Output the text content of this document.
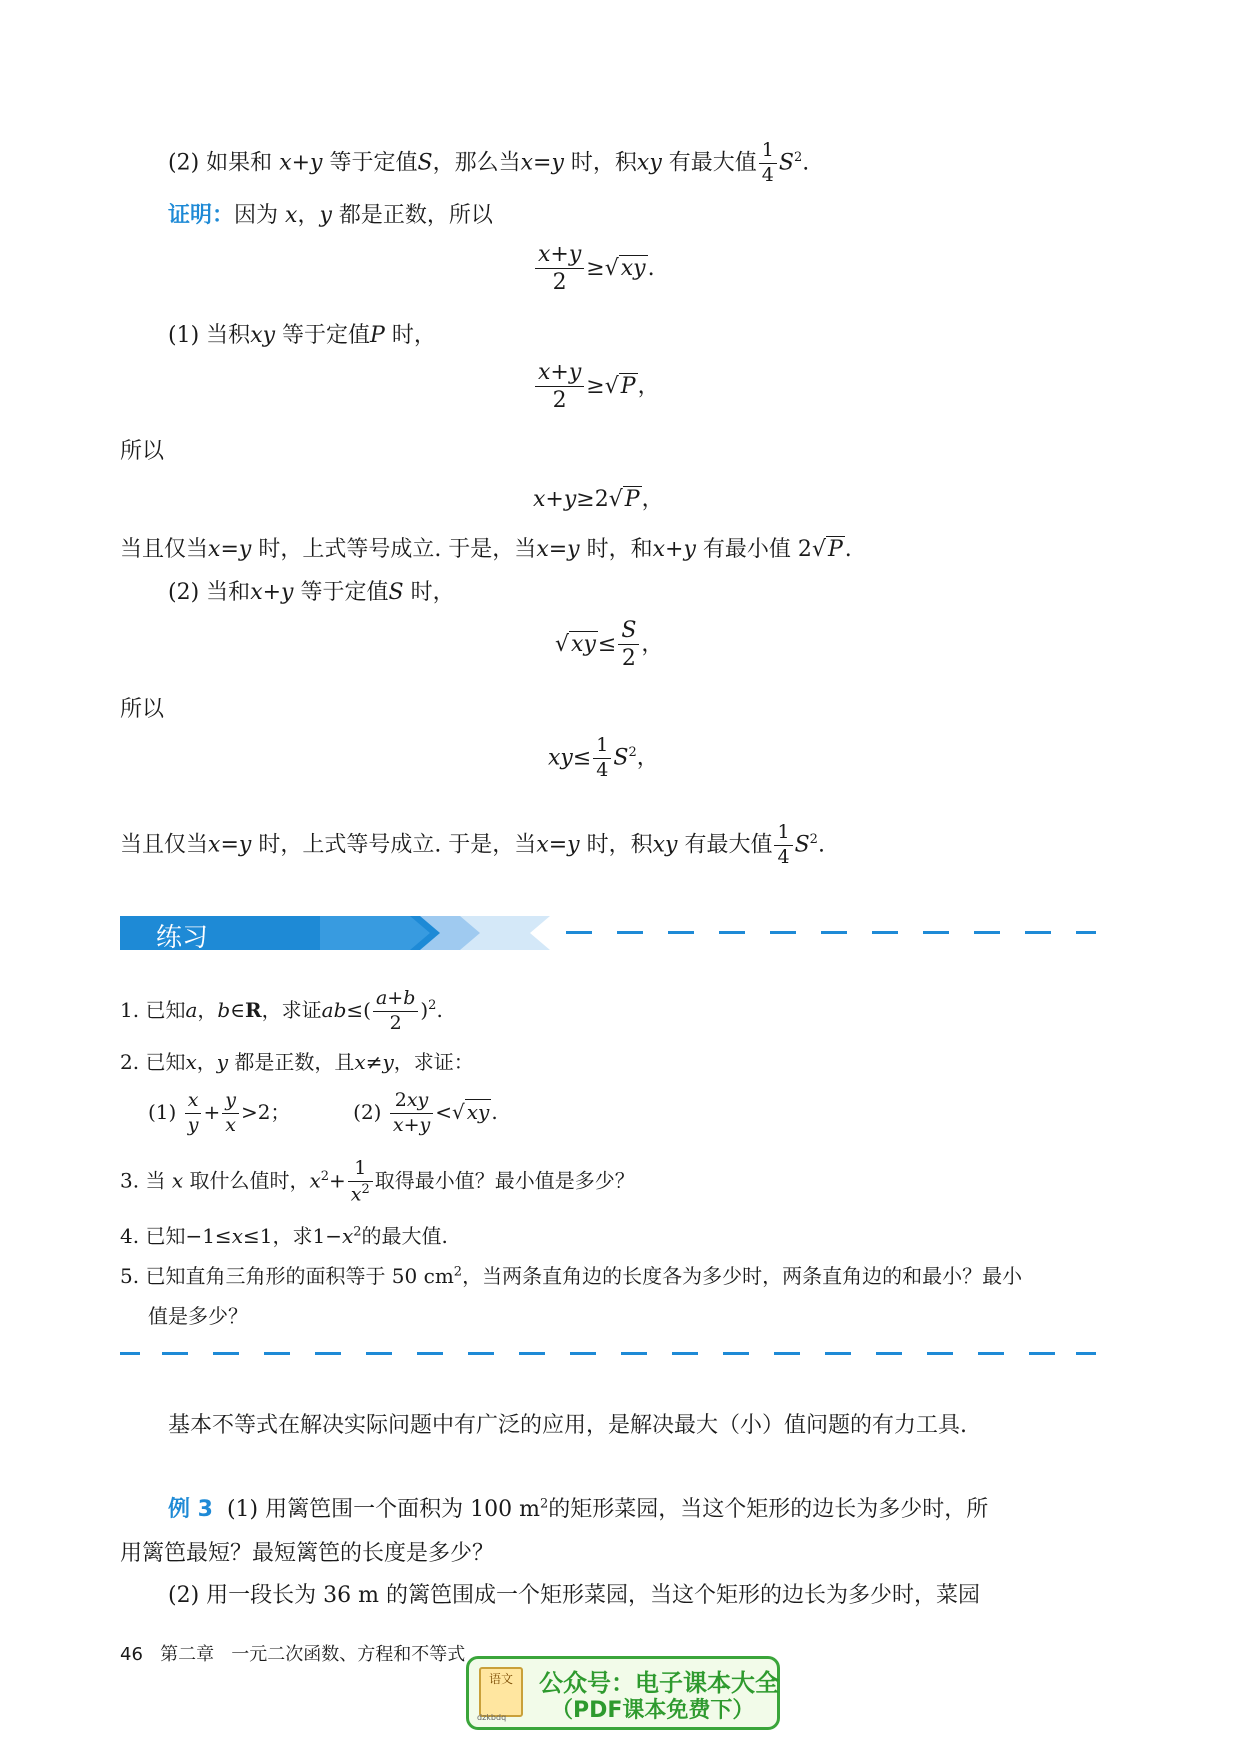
(2) 如果和 x+y 等于定值S，那么当x=y 时，积xy 有最大值 $\frac{1}{4} S^2$.
证明：因为 x，y 都是正数，所以
$\frac{x+y}{2} \ge√xy$.
(1) 当积xy 等于定值P 时，
$\frac{x+y}{2} \ge√P$，
所以
x+y≥2√P，
当且仅当x=y 时，上式等号成立. 于是，当x=y 时，和x+y 有最小值 2√P.
(2) 当和x+y 等于定值S 时，
$√xy\le \frac{S}{2}$ ，
所以
$xy\le \frac{1}{4} S^2$，
当且仅当x=y 时，上式等号成立. 于是，当x=y 时，积xy 有最大值 $\frac{1}{4} S^2$.
练习
1. 已知a，b∈R，求证$ab\le( \frac{a+b}{2} )^2$.
2. 已知x，y 都是正数，且x≠y，求证：
$(1) \frac{x}{y} + \frac{y}{x} >2$；	$(2) \frac{2xy}{x+y}$ <√ xy .
3. 当 x 取什么值时，$x^2+ \frac{1}{x^2}$ 取得最小值？最小值是多少？
4. 已知−1≤x≤1，求$1-x^2$的最大值.
5. 已知直角三角形的面积等于 50 $cm^2$，当两条直角边的长度各为多少时，两条直角边的和最小？最小
值是多少？
基本不等式在解决实际问题中有广泛的应用，是解决最大（小）值问题的有力工具.
例 3 (1) 用篱笆围一个面积为 100 $m^2$的矩形菜园，当这个矩形的边长为多少时，所
用篱笆最短？最短篱笆的长度是多少？
(2) 用一段长为 36 m 的篱笆围成一个矩形菜园，当这个矩形的边长为多少时，菜园
46 第二章 一元二次函数、方程和不等式
语文
dzkbdq
公众号：电子课本大全
（PDF课本免费下）
